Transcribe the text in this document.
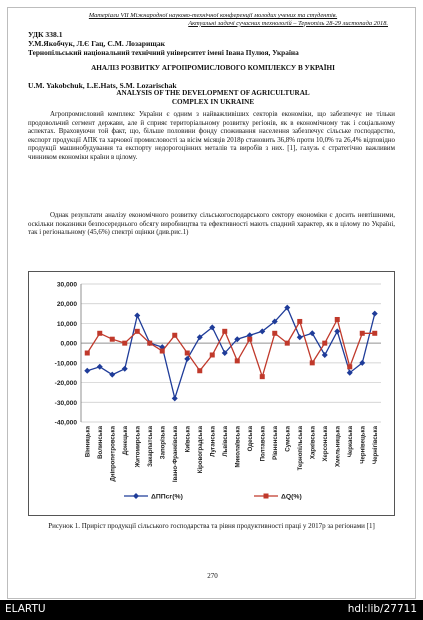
Матеріали VII Міжнародної науково-технічної конференції молодих учених та студентів.
Актуальні задачі сучасних технологій – Тернопіль 28-29 листопада 2018.
УДК 338.1
У.М.Якобчук, Л.Є Гац, С.М. Лозарищак
Тернопільський національний технічний університет імені Івана Пулюя, Україна
АНАЛІЗ РОЗВИТКУ АГРОПРОМИСЛОВОГО КОМПЛЕКСУ В УКРАЇНІ
U.M. Yakobchuk, L.E.Hats, S.M. Lozarischak
ANALYSIS OF THE DEVELOPMENT OF AGRICULTURAL COMPLEX IN UKRAINE
Агропромисловий комплекс України є одним з найважливіших секторів економіки, що забезпечує не тільки продовольчий сегмент держави, але й сприяє територіальному розвитку регіонів, як в економічному так і соціальному аспектах. Враховуючи той факт, що, більше половини фонду споживання населення забезпечує сільське господарство, експорт продукції АПК та харчової промисловості за вісім місяців 2018р становить 36,8% проти 10,0% та 26,4% відповідно продукції машинобудування та експорту недорогоцінних металів та виробів з них. [1], галузь є стратегічно важливим чинником економіки країни в цілому.
Однак результати аналізу економічного розвитку сільськогосподарського сектору економіки є досить невтішними, оскільки показники безпосереднього обсягу виробництва та ефективності мають спадний характер, як в цілому по Україні, так і регіональному (45,6%) спектрі оцінки (див.рис.1)
30,000
20,000
10,000
0,000
-10,000
-20,000
-30,000
-40,000
Вінницька Волинська Дніпропетровська Донецька Житомирська Закарпатська Запорізька Івано-Франківська Київська Кіровоградська Луганська Львівська Миколаївська Одеська Полтавська Рівненська Сумська Тернопільська Харківська Херсонська Хмельницька Черкаська Чернівецька Чернігівська
ΔППсг(%)	ΔQ(%)
Рисунок 1. Приріст продукції сільського господарства та рівня продуктивності праці у 2017р за регіонами [1]
270
ELARTU	hdl:lib/27711
